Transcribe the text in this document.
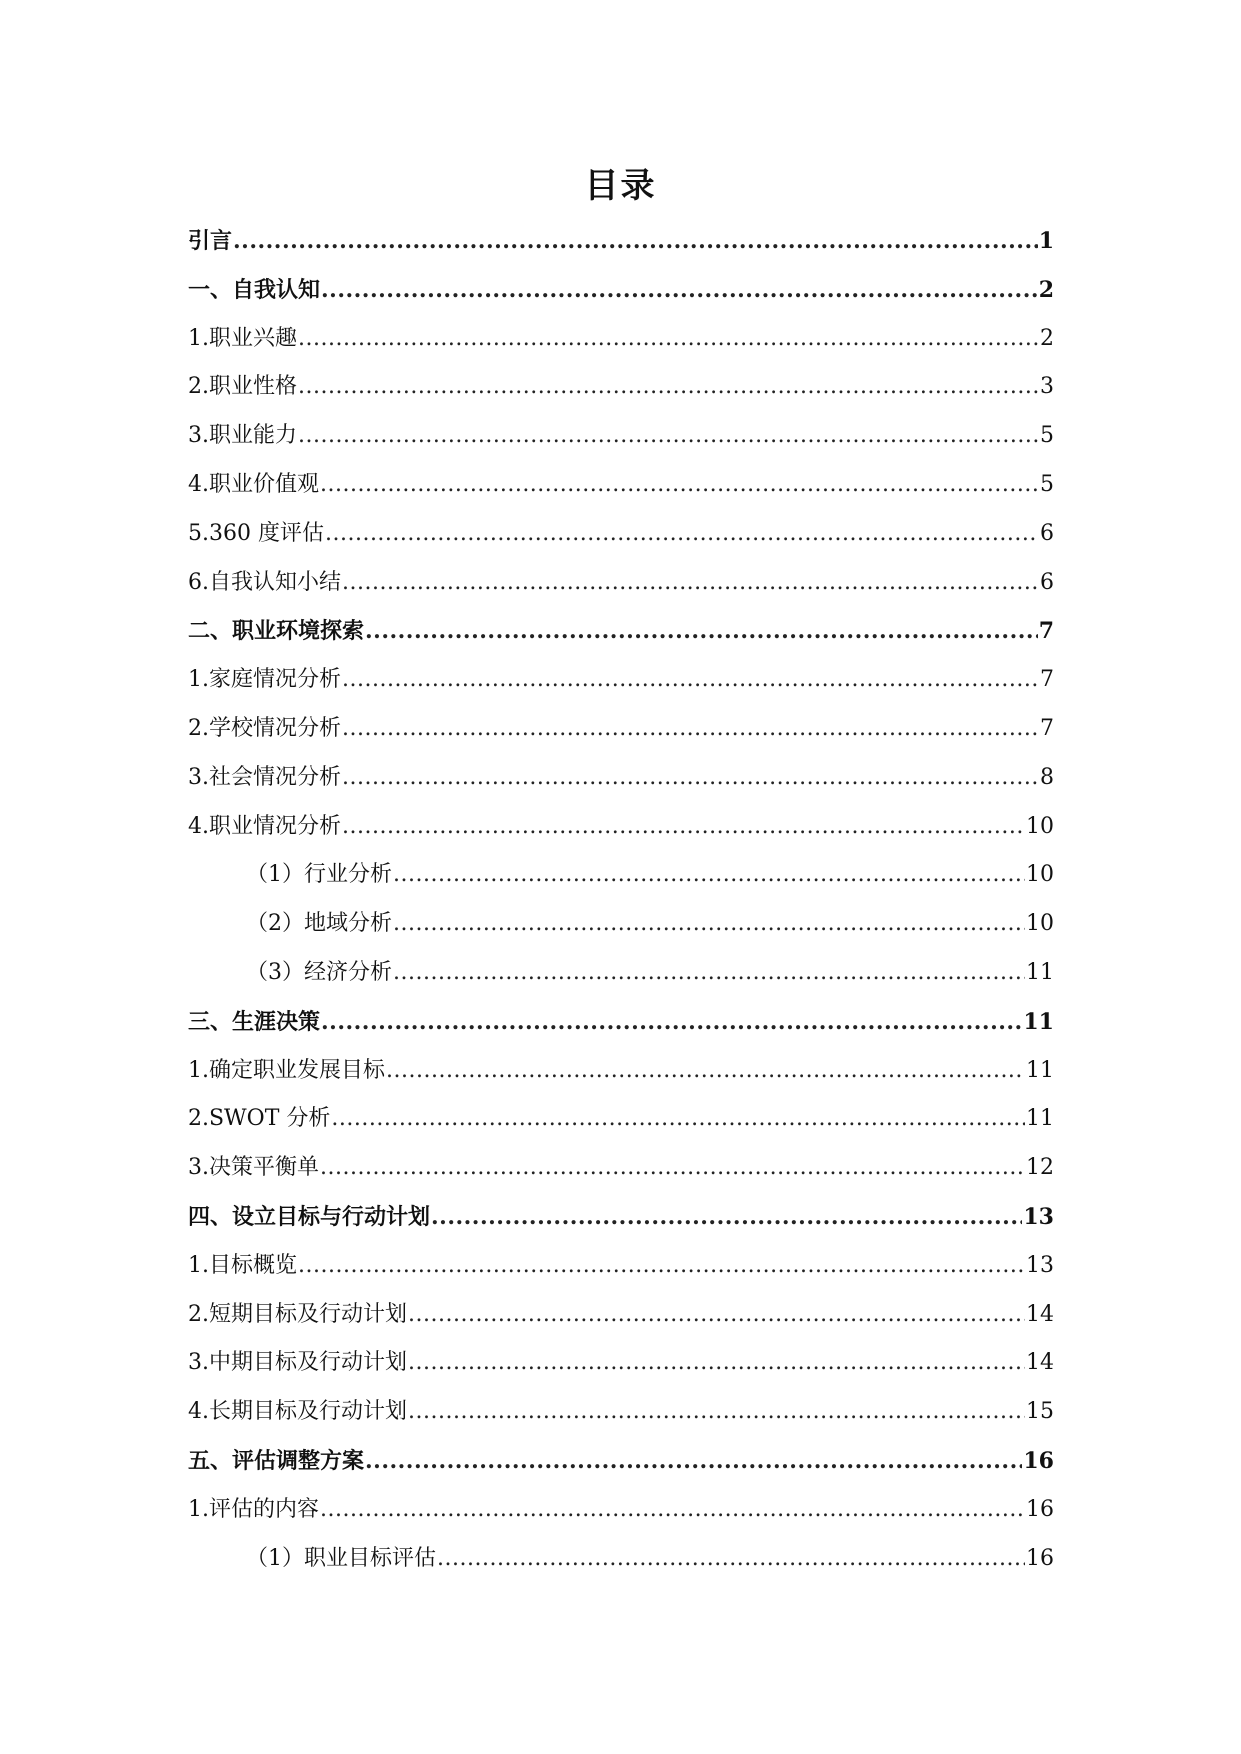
目录
引言 .....	1
一、自我认知 .....	2
1.职业兴趣 .....	2
2.职业性格 .....	3
3.职业能力 .....	5
4.职业价值观 .....	5
5.360 度评估 .....	6
6.自我认知小结 .....	6
二、职业环境探索 .....	7
1.家庭情况分析 .....	7
2.学校情况分析 .....	7
3.社会情况分析 .....	8
4.职业情况分析 .....	10
（1）行业分析 .....	10
（2）地域分析 .....	10
（3）经济分析 .....	11
三、生涯决策 .....	11
1.确定职业发展目标 .....	11
2.SWOT 分析 .....	11
3.决策平衡单 .....	12
四、设立目标与行动计划 .....	13
1.目标概览 .....	13
2.短期目标及行动计划 .....	14
3.中期目标及行动计划 .....	14
4.长期目标及行动计划 .....	15
五、评估调整方案 .....	16
1.评估的内容 .....	16
（1）职业目标评估 .....	16
